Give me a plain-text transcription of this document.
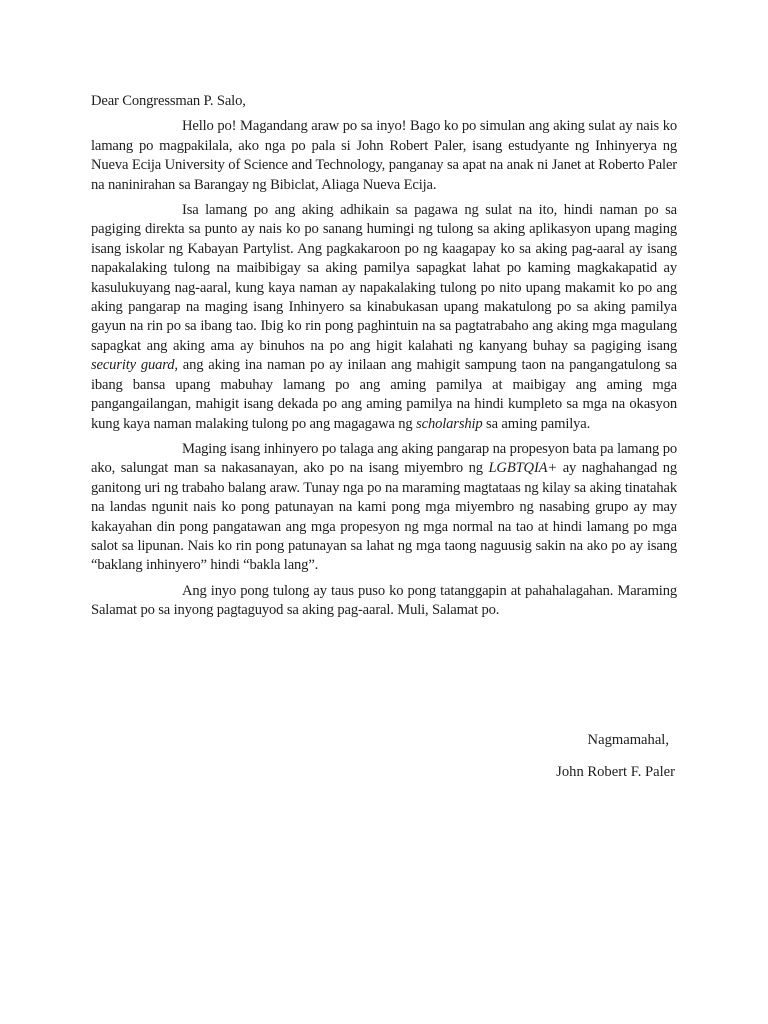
Dear Congressman P. Salo,

Hello po! Magandang araw po sa inyo! Bago ko po simulan ang aking sulat ay nais ko lamang po magpakilala, ako nga po pala si John Robert Paler, isang estudyante ng Inhinyerya ng Nueva Ecija University of Science and Technology, panganay sa apat na anak ni Janet at Roberto Paler na naninirahan sa Barangay ng Bibiclat, Aliaga Nueva Ecija.

Isa lamang po ang aking adhikain sa pagawa ng sulat na ito, hindi naman po sa pagiging direkta sa punto ay nais ko po sanang humingi ng tulong sa aking aplikasyon upang maging isang iskolar ng Kabayan Partylist. Ang pagkakaroon po ng kaagapay ko sa aking pag-aaral ay isang napakalaking tulong na maibibigay sa aking pamilya sapagkat lahat po kaming magkakapatid ay kasulukuyang nag-aaral, kung kaya naman ay napakalaking tulong po nito upang makamit ko po ang aking pangarap na maging isang Inhinyero sa kinabukasan upang makatulong po sa aking pamilya gayun na rin po sa ibang tao. Ibig ko rin pong paghintuin na sa pagtatrabaho ang aking mga magulang sapagkat ang aking ama ay binuhos na po ang higit kalahati ng kanyang buhay sa pagiging isang security guard, ang aking ina naman po ay inilaan ang mahigit sampung taon na pangangatulong sa ibang bansa upang mabuhay lamang po ang aming pamilya at maibigay ang aming mga pangangailangan, mahigit isang dekada po ang aming pamilya na hindi kumpleto sa mga na okasyon kung kaya naman malaking tulong po ang magagawa ng scholarship sa aming pamilya.

Maging isang inhinyero po talaga ang aking pangarap na propesyon bata pa lamang po ako, salungat man sa nakasanayan, ako po na isang miyembro ng LGBTQIA+ ay naghahangad ng ganitong uri ng trabaho balang araw. Tunay nga po na maraming magtataas ng kilay sa aking tinatahak na landas ngunit nais ko pong patunayan na kami pong mga miyembro ng nasabing grupo ay may kakayahan din pong pangatawan ang mga propesyon ng mga normal na tao at hindi lamang po mga salot sa lipunan. Nais ko rin pong patunayan sa lahat ng mga taong naguusig sakin na ako po ay isang “baklang inhinyero” hindi “bakla lang”.

Ang inyo pong tulong ay taus puso ko pong tatanggapin at pahahalagahan. Maraming Salamat po sa inyong pagtaguyod sa aking pag-aaral. Muli, Salamat po.

Nagmamahal,

John Robert F. Paler
